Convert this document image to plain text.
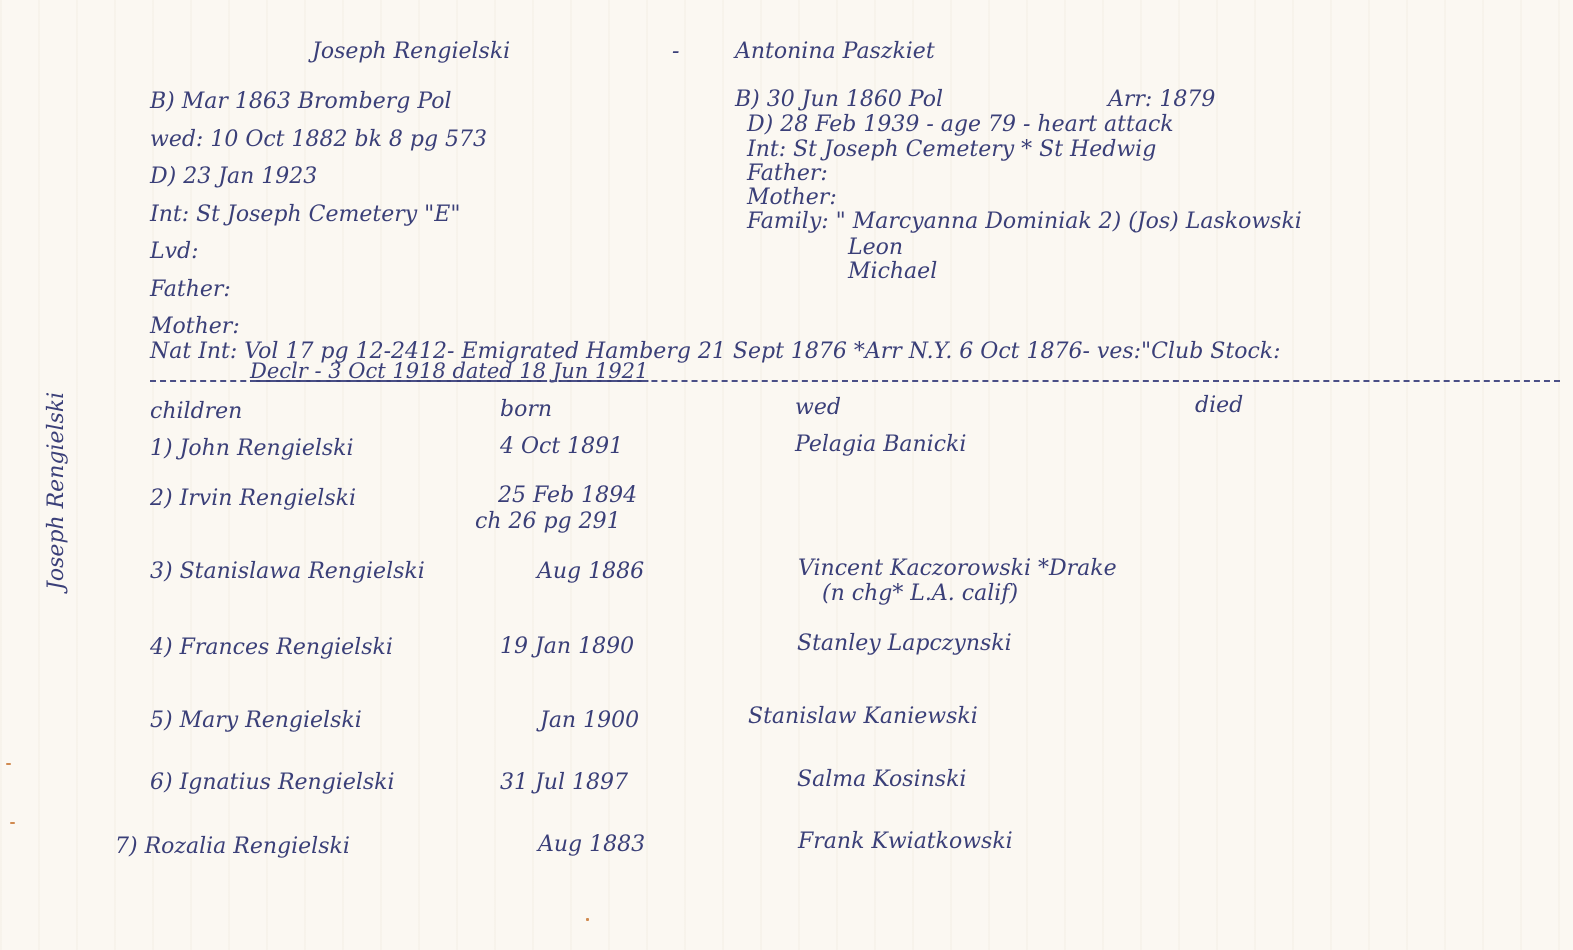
Joseph Rengielski	-	Antonina Paszkiet
B) Mar 1863 Bromberg Pol
wed: 10 Oct 1882 bk 8 pg 573
D) 23 Jan 1923
Int: St Joseph Cemetery "E"
Lvd:
Father:
Mother:
Nat Int: Vol 17 pg 12-2412- Emigrated Hamberg 21 Sept 1876 *Arr N.Y. 6 Oct 1876- ves:"Club Stock:
Declr - 3 Oct 1918 dated 18 Jun 1921
B) 30 Jun 1860 Pol	Arr: 1879
D) 28 Feb 1939 - age 79 - heart attack
Int: St Joseph Cemetery * St Hedwig
Father:
Mother:
Family: " Marcyanna Dominiak 2) (Jos) Laskowski
Leon
Michael
children	born	wed	died
1) John Rengielski	4 Oct 1891	Pelagia Banicki
2) Irvin Rengielski	25 Feb 1894
ch 26 pg 291
3) Stanislawa Rengielski	Aug 1886	Vincent Kaczorowski *Drake
(n chg* L.A. calif)
4) Frances Rengielski	19 Jan 1890	Stanley Lapczynski
5) Mary Rengielski	Jan 1900	Stanislaw Kaniewski
6) Ignatius Rengielski	31 Jul 1897	Salma Kosinski
7) Rozalia Rengielski	Aug 1883	Frank Kwiatkowski
Joseph Rengielski
